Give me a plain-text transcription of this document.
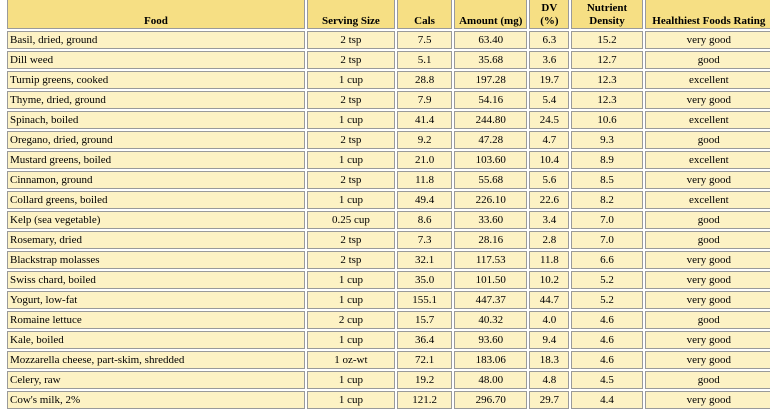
Food	Serving Size	Cals	Amount (mg)	DV (%)	Nutrient Density	Healthiest Foods Rating
Basil, dried, ground	2 tsp	7.5	63.40	6.3	15.2	very good
Dill weed	2 tsp	5.1	35.68	3.6	12.7	good
Turnip greens, cooked	1 cup	28.8	197.28	19.7	12.3	excellent
Thyme, dried, ground	2 tsp	7.9	54.16	5.4	12.3	very good
Spinach, boiled	1 cup	41.4	244.80	24.5	10.6	excellent
Oregano, dried, ground	2 tsp	9.2	47.28	4.7	9.3	good
Mustard greens, boiled	1 cup	21.0	103.60	10.4	8.9	excellent
Cinnamon, ground	2 tsp	11.8	55.68	5.6	8.5	very good
Collard greens, boiled	1 cup	49.4	226.10	22.6	8.2	excellent
Kelp (sea vegetable)	0.25 cup	8.6	33.60	3.4	7.0	good
Rosemary, dried	2 tsp	7.3	28.16	2.8	7.0	good
Blackstrap molasses	2 tsp	32.1	117.53	11.8	6.6	very good
Swiss chard, boiled	1 cup	35.0	101.50	10.2	5.2	very good
Yogurt, low-fat	1 cup	155.1	447.37	44.7	5.2	very good
Romaine lettuce	2 cup	15.7	40.32	4.0	4.6	good
Kale, boiled	1 cup	36.4	93.60	9.4	4.6	very good
Mozzarella cheese, part-skim, shredded	1 oz-wt	72.1	183.06	18.3	4.6	very good
Celery, raw	1 cup	19.2	48.00	4.8	4.5	good
Cow's milk, 2%	1 cup	121.2	296.70	29.7	4.4	very good
